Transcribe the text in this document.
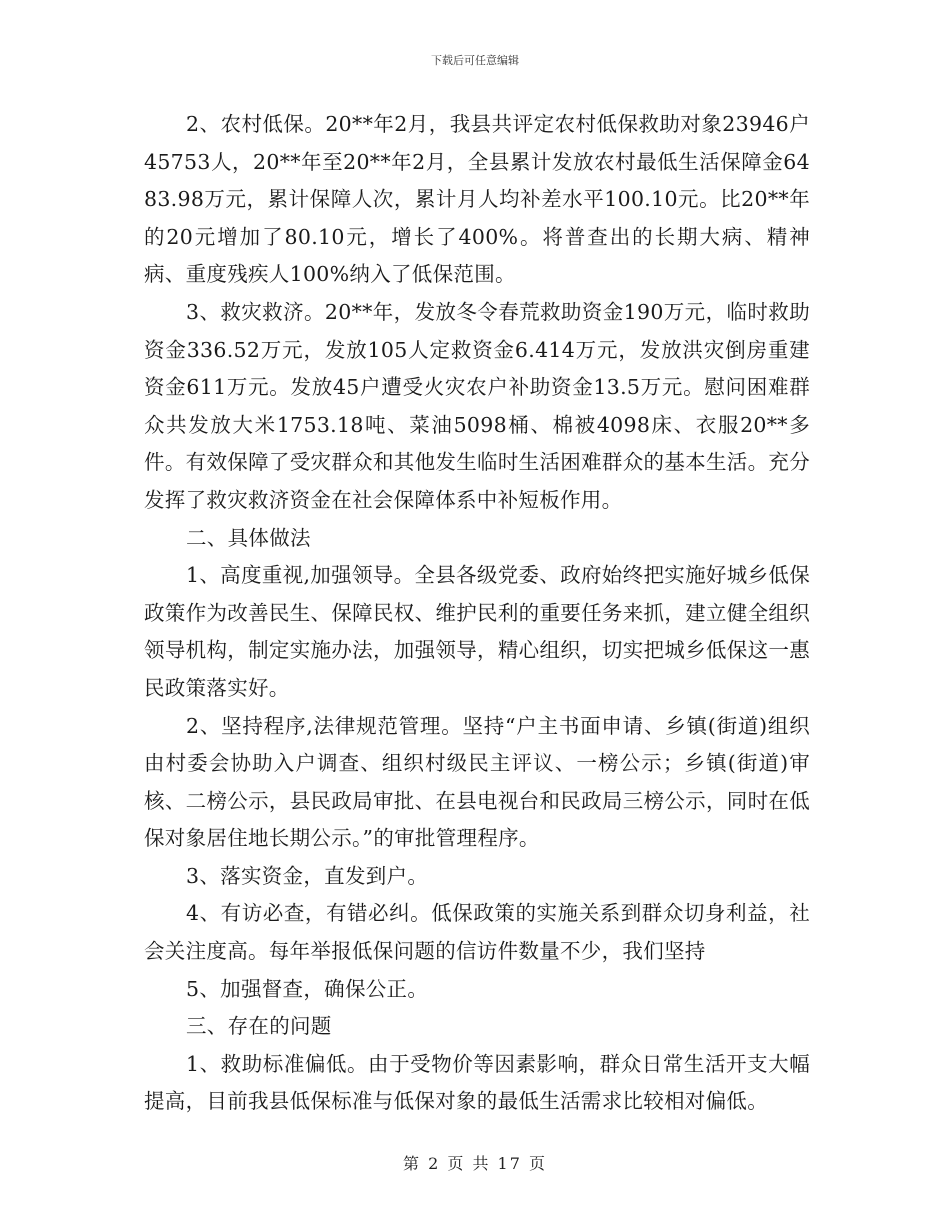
下载后可任意编辑

2、农村低保。20**年2月，我县共评定农村低保救助对象23946户45753人，20**年至20**年2月，全县累计发放农村最低生活保障金6483.98万元，累计保障人次，累计月人均补差水平100.10元。比20**年的20元增加了80.10元，增长了400%。将普查出的长期大病、精神病、重度残疾人100%纳入了低保范围。

3、救灾救济。20**年，发放冬令春荒救助资金190万元，临时救助资金336.52万元，发放105人定救资金6.414万元，发放洪灾倒房重建资金611万元。发放45户遭受火灾农户补助资金13.5万元。慰问困难群众共发放大米1753.18吨、菜油5098桶、棉被4098床、衣服20**多件。有效保障了受灾群众和其他发生临时生活困难群众的基本生活。充分发挥了救灾救济资金在社会保障体系中补短板作用。

二、具体做法

1、高度重视,加强领导。全县各级党委、政府始终把实施好城乡低保政策作为改善民生、保障民权、维护民利的重要任务来抓，建立健全组织领导机构，制定实施办法，加强领导，精心组织，切实把城乡低保这一惠民政策落实好。

2、坚持程序,法律规范管理。坚持“户主书面申请、乡镇(街道)组织由村委会协助入户调查、组织村级民主评议、一榜公示；乡镇(街道)审核、二榜公示，县民政局审批、在县电视台和民政局三榜公示，同时在低保对象居住地长期公示。”的审批管理程序。

3、落实资金，直发到户。

4、有访必查，有错必纠。低保政策的实施关系到群众切身利益，社会关注度高。每年举报低保问题的信访件数量不少，我们坚持

5、加强督查，确保公正。

三、存在的问题

1、救助标准偏低。由于受物价等因素影响，群众日常生活开支大幅提高，目前我县低保标准与低保对象的最低生活需求比较相对偏低。

第 2 页 共 17 页
